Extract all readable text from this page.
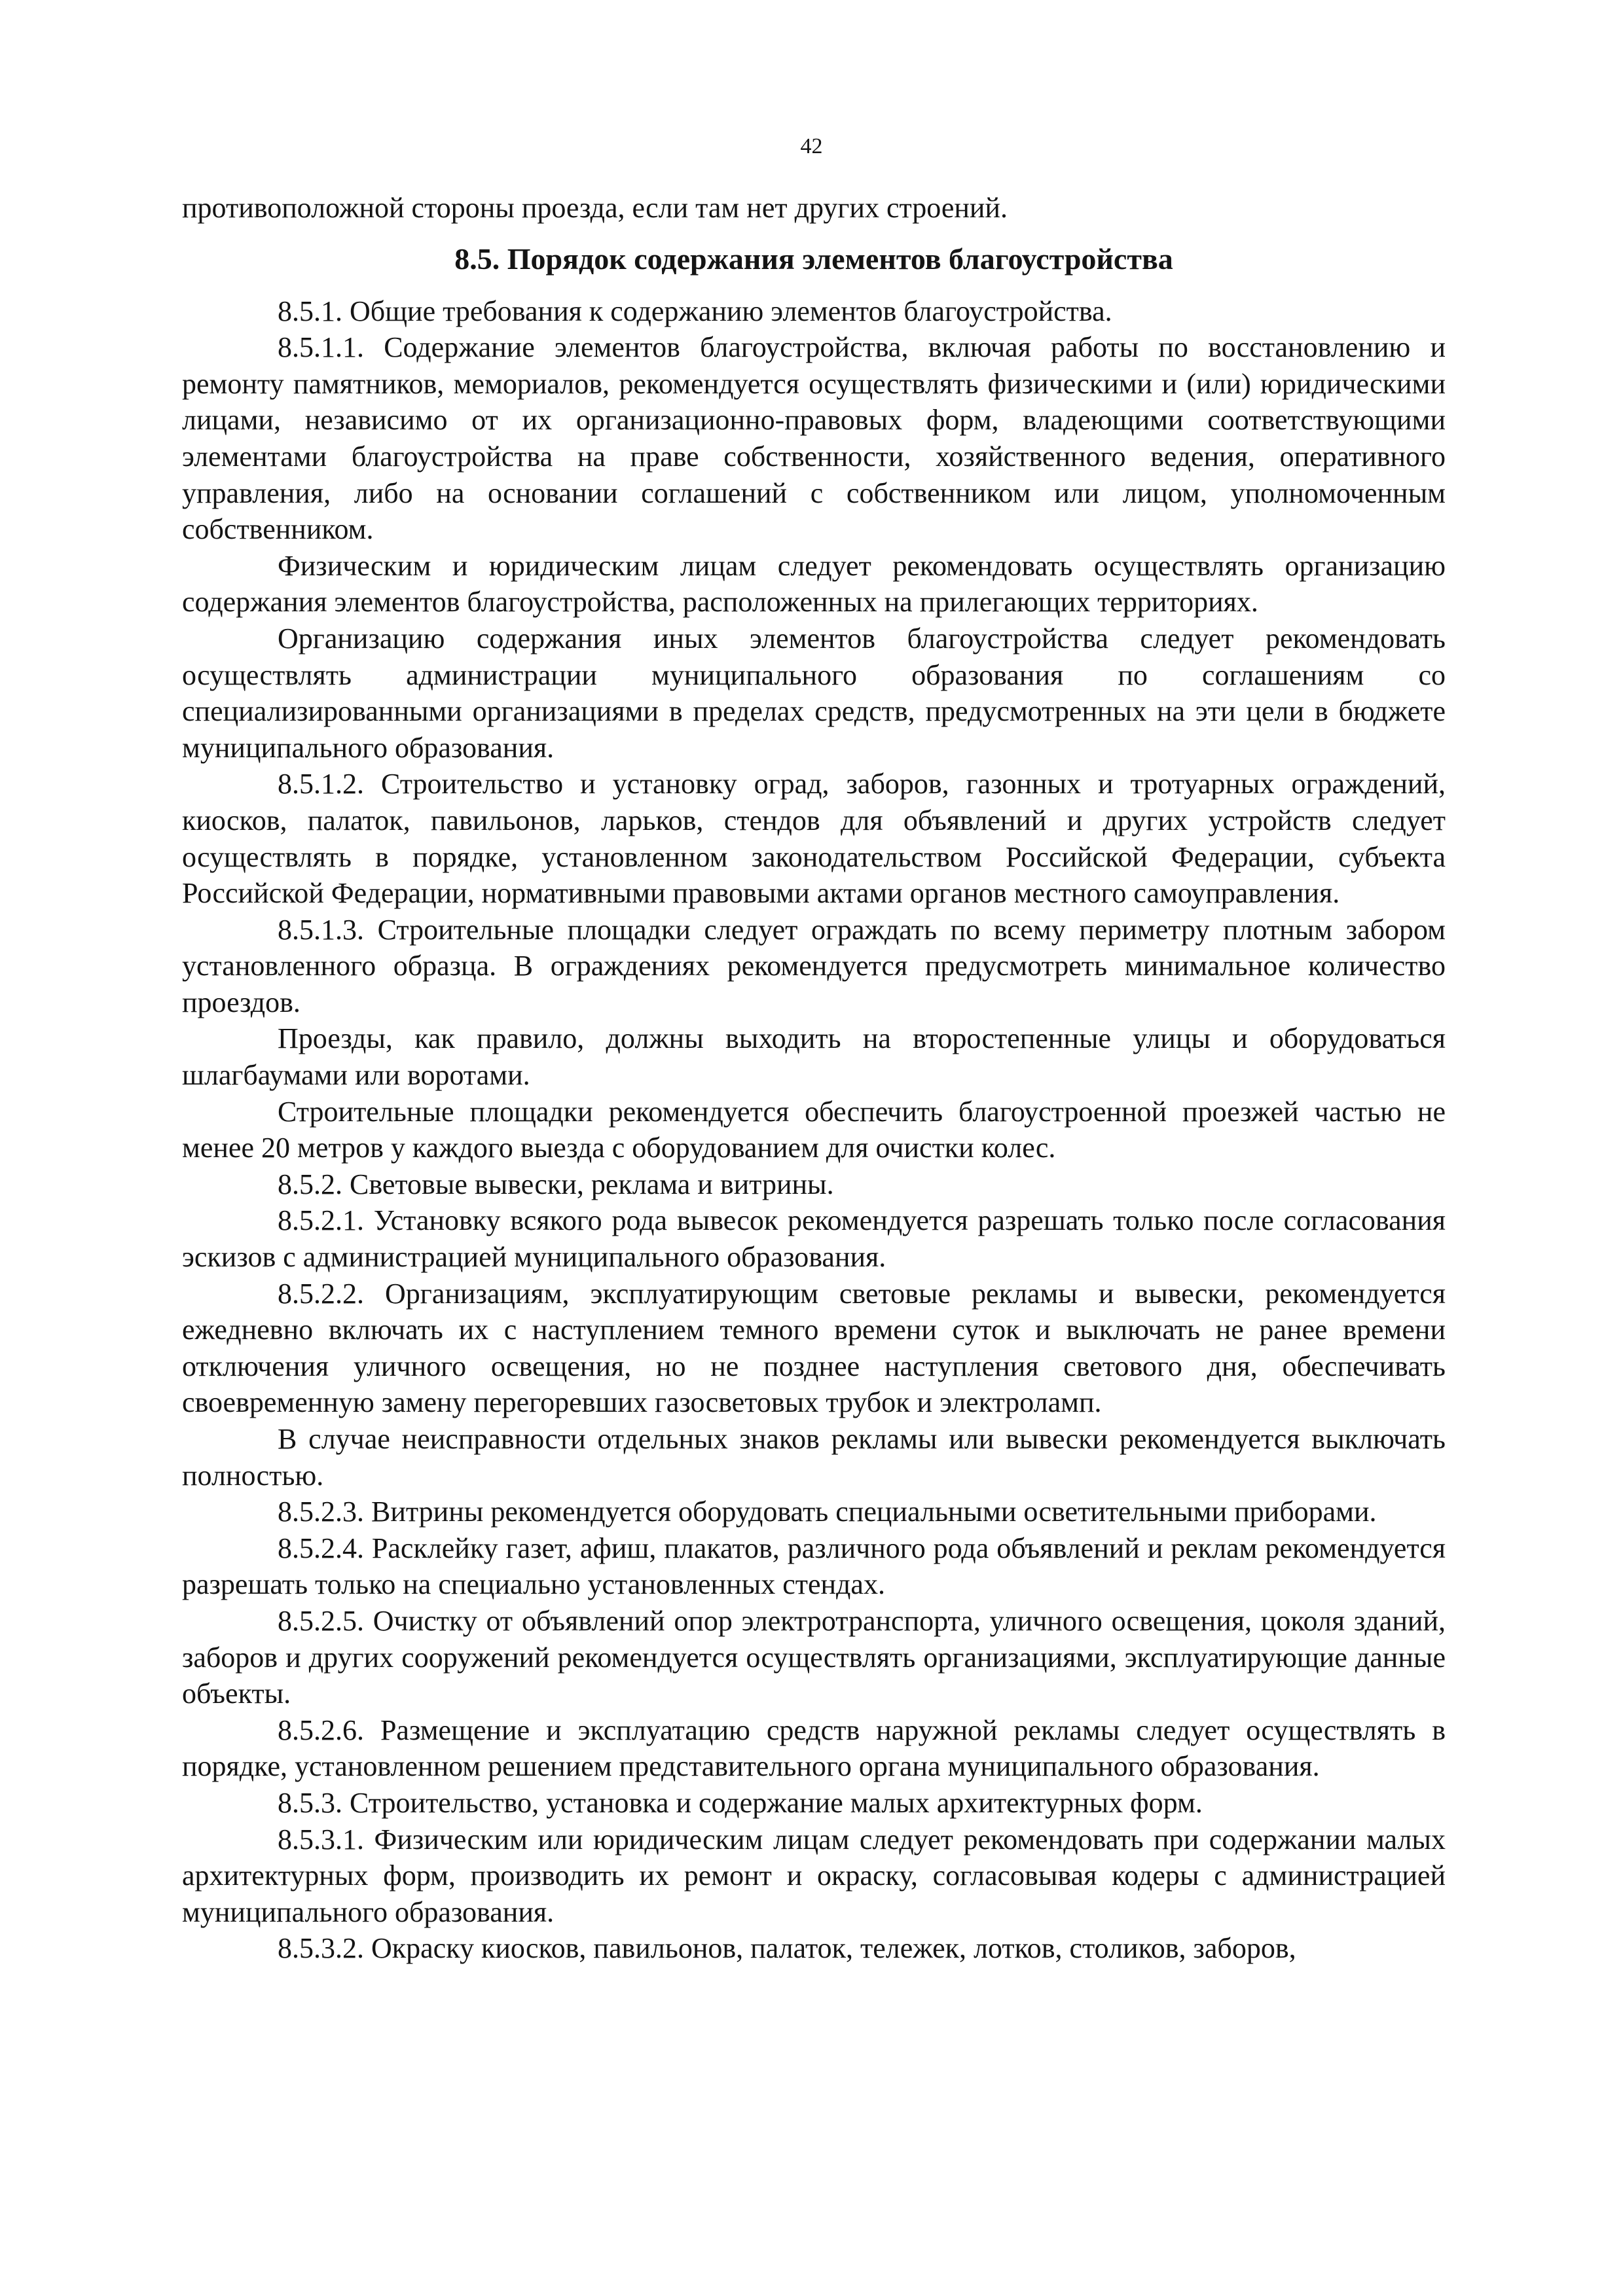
42

противоположной стороны проезда, если там нет других строений.

8.5. Порядок содержания элементов благоустройства

8.5.1. Общие требования к содержанию элементов благоустройства.

8.5.1.1. Содержание элементов благоустройства, включая работы по восстановлению и ремонту памятников, мемориалов, рекомендуется осуществлять физическими и (или) юридическими лицами, независимо от их организационно-правовых форм, владеющими соответствующими элементами благоустройства на праве собственности, хозяйственного ведения, оперативного управления, либо на основании соглашений с собственником или лицом, уполномоченным собственником.

Физическим и юридическим лицам следует рекомендовать осуществлять организацию содержания элементов благоустройства, расположенных на прилегающих территориях.

Организацию содержания иных элементов благоустройства следует рекомендовать осуществлять администрации муниципального образования по соглашениям со специализированными организациями в пределах средств, предусмотренных на эти цели в бюджете муниципального образования.

8.5.1.2. Строительство и установку оград, заборов, газонных и тротуарных ограждений, киосков, палаток, павильонов, ларьков, стендов для объявлений и других устройств следует осуществлять в порядке, установленном законодательством Российской Федерации, субъекта Российской Федерации, нормативными правовыми актами органов местного самоуправления.

8.5.1.3. Строительные площадки следует ограждать по всему периметру плотным забором установленного образца. В ограждениях рекомендуется предусмотреть минимальное количество проездов.

Проезды, как правило, должны выходить на второстепенные улицы и оборудоваться шлагбаумами или воротами.

Строительные площадки рекомендуется обеспечить благоустроенной проезжей частью не менее 20 метров у каждого выезда с оборудованием для очистки колес.

8.5.2. Световые вывески, реклама и витрины.

8.5.2.1. Установку всякого рода вывесок рекомендуется разрешать только после согласования эскизов с администрацией муниципального образования.

8.5.2.2. Организациям, эксплуатирующим световые рекламы и вывески, рекомендуется ежедневно включать их с наступлением темного времени суток и выключать не ранее времени отключения уличного освещения, но не позднее наступления светового дня, обеспечивать своевременную замену перегоревших газосветовых трубок и электроламп.

В случае неисправности отдельных знаков рекламы или вывески рекомендуется выключать полностью.

8.5.2.3. Витрины рекомендуется оборудовать специальными осветительными приборами.

8.5.2.4. Расклейку газет, афиш, плакатов, различного рода объявлений и реклам рекомендуется разрешать только на специально установленных стендах.

8.5.2.5. Очистку от объявлений опор электротранспорта, уличного освещения, цоколя зданий, заборов и других сооружений рекомендуется осуществлять организациями, эксплуатирующие данные объекты.

8.5.2.6. Размещение и эксплуатацию средств наружной рекламы следует осуществлять в порядке, установленном решением представительного органа муниципального образования.

8.5.3. Строительство, установка и содержание малых архитектурных форм.

8.5.3.1. Физическим или юридическим лицам следует рекомендовать при содержании малых архитектурных форм, производить их ремонт и окраску, согласовывая кодеры с администрацией муниципального образования.

8.5.3.2. Окраску киосков, павильонов, палаток, тележек, лотков, столиков, заборов,
